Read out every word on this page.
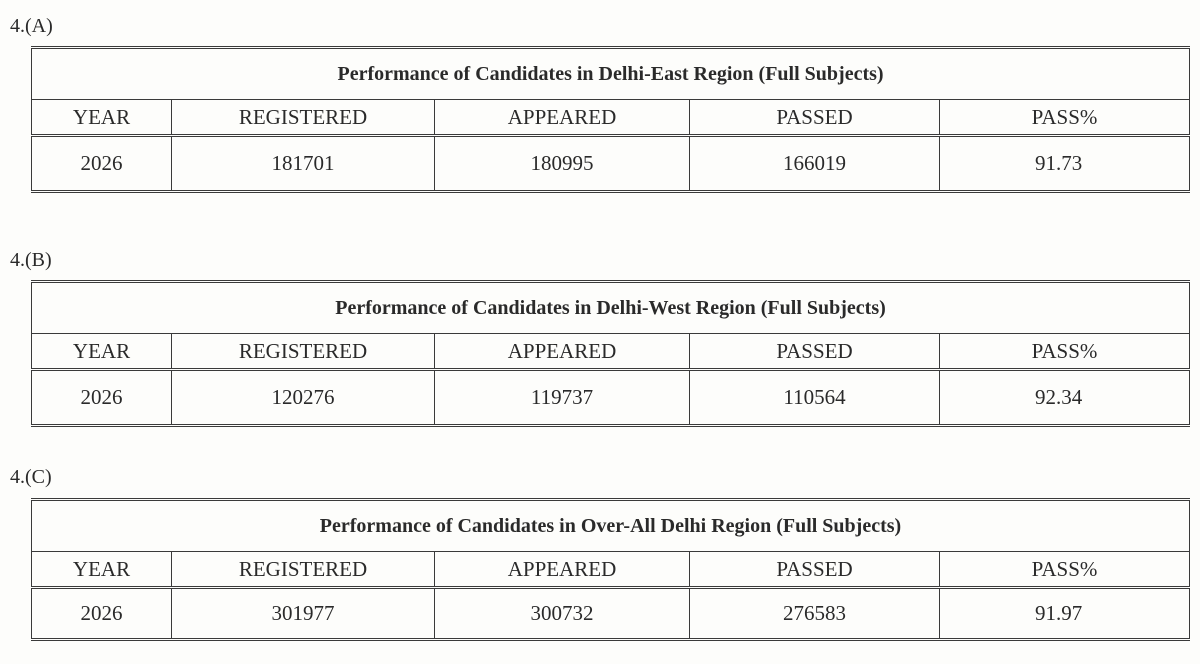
4.(A)
Performance of Candidates in Delhi-East Region (Full Subjects)				
YEAR	REGISTERED	APPEARED	PASSED	PASS%
2026	181701	180995	166019	91.73
4.(B)
Performance of Candidates in Delhi-West Region (Full Subjects)				
YEAR	REGISTERED	APPEARED	PASSED	PASS%
2026	120276	119737	110564	92.34
4.(C)
Performance of Candidates in Over-All Delhi Region (Full Subjects)				
YEAR	REGISTERED	APPEARED	PASSED	PASS%
2026	301977	300732	276583	91.97
